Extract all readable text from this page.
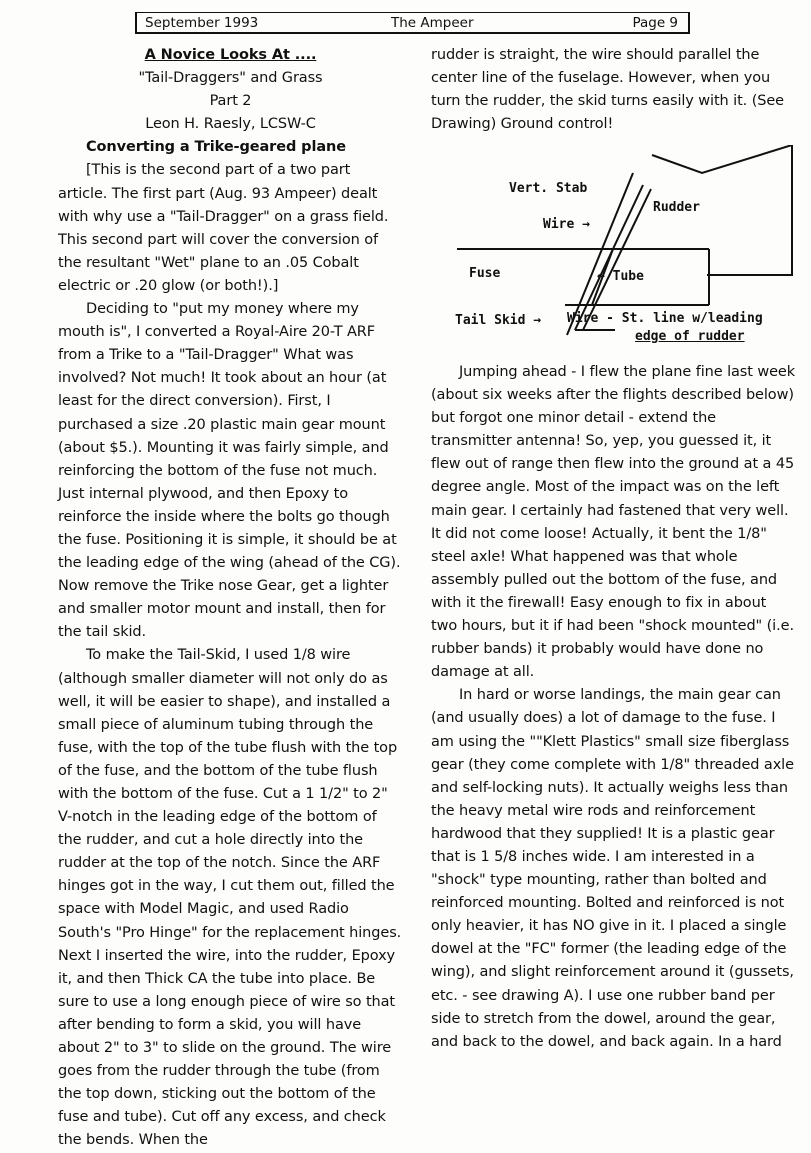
September 1993	The Ampeer	Page 9

A Novice Looks At ....

"Tail-Draggers" and Grass

Part 2

Leon H. Raesly, LCSW-C

Converting a Trike-geared plane

[This is the second part of a two part article. The first part (Aug. 93 Ampeer) dealt with why use a "Tail-Dragger" on a grass field. This second part will cover the conversion of the resultant "Wet" plane to an .05 Cobalt electric or .20 glow (or both!).]

Deciding to "put my money where my mouth is", I converted a Royal-Aire 20-T ARF from a Trike to a "Tail-Dragger" What was involved? Not much! It took about an hour (at least for the direct conversion). First, I purchased a size .20 plastic main gear mount (about $5.). Mounting it was fairly simple, and reinforcing the bottom of the fuse not much. Just internal plywood, and then Epoxy to reinforce the inside where the bolts go though the fuse. Positioning it is simple, it should be at the leading edge of the wing (ahead of the CG). Now remove the Trike nose Gear, get a lighter and smaller motor mount and install, then for the tail skid.

To make the Tail-Skid, I used 1/8 wire (although smaller diameter will not only do as well, it will be easier to shape), and installed a small piece of aluminum tubing through the fuse, with the top of the tube flush with the top of the fuse, and the bottom of the tube flush with the bottom of the fuse. Cut a 1 1/2" to 2" V-notch in the leading edge of the bottom of the rudder, and cut a hole directly into the rudder at the top of the notch. Since the ARF hinges got in the way, I cut them out, filled the space with Model Magic, and used Radio South's "Pro Hinge" for the replacement hinges. Next I inserted the wire, into the rudder, Epoxy it, and then Thick CA the tube into place. Be sure to use a long enough piece of wire so that after bending to form a skid, you will have about 2" to 3" to slide on the ground. The wire goes from the rudder through the tube (from the top down, sticking out the bottom of the fuse and tube). Cut off any excess, and check the bends. When the

rudder is straight, the wire should parallel the center line of the fuselage. However, when you turn the rudder, the skid turns easily with it. (See Drawing) Ground control!

Vert. Stab
Rudder
Wire →
Fuse	← Tube
Tail Skid → Wire - St. line w/leading
edge of rudder

Jumping ahead - I flew the plane fine last week (about six weeks after the flights described below) but forgot one minor detail - extend the transmitter antenna! So, yep, you guessed it, it flew out of range then flew into the ground at a 45 degree angle. Most of the impact was on the left main gear. I certainly had fastened that very well. It did not come loose! Actually, it bent the 1/8" steel axle! What happened was that whole assembly pulled out the bottom of the fuse, and with it the firewall! Easy enough to fix in about two hours, but it if had been "shock mounted" (i.e. rubber bands) it probably would have done no damage at all.

In hard or worse landings, the main gear can (and usually does) a lot of damage to the fuse. I am using the ""Klett Plastics" small size fiberglass gear (they come complete with 1/8" threaded axle and self-locking nuts). It actually weighs less than the heavy metal wire rods and reinforcement hardwood that they supplied! It is a plastic gear that is 1 5/8 inches wide. I am interested in a "shock" type mounting, rather than bolted and reinforced mounting. Bolted and reinforced is not only heavier, it has NO give in it. I placed a single dowel at the "FC" former (the leading edge of the wing), and slight reinforcement around it (gussets, etc. - see drawing A). I use one rubber band per side to stretch from the dowel, around the gear, and back to the dowel, and back again. In a hard
